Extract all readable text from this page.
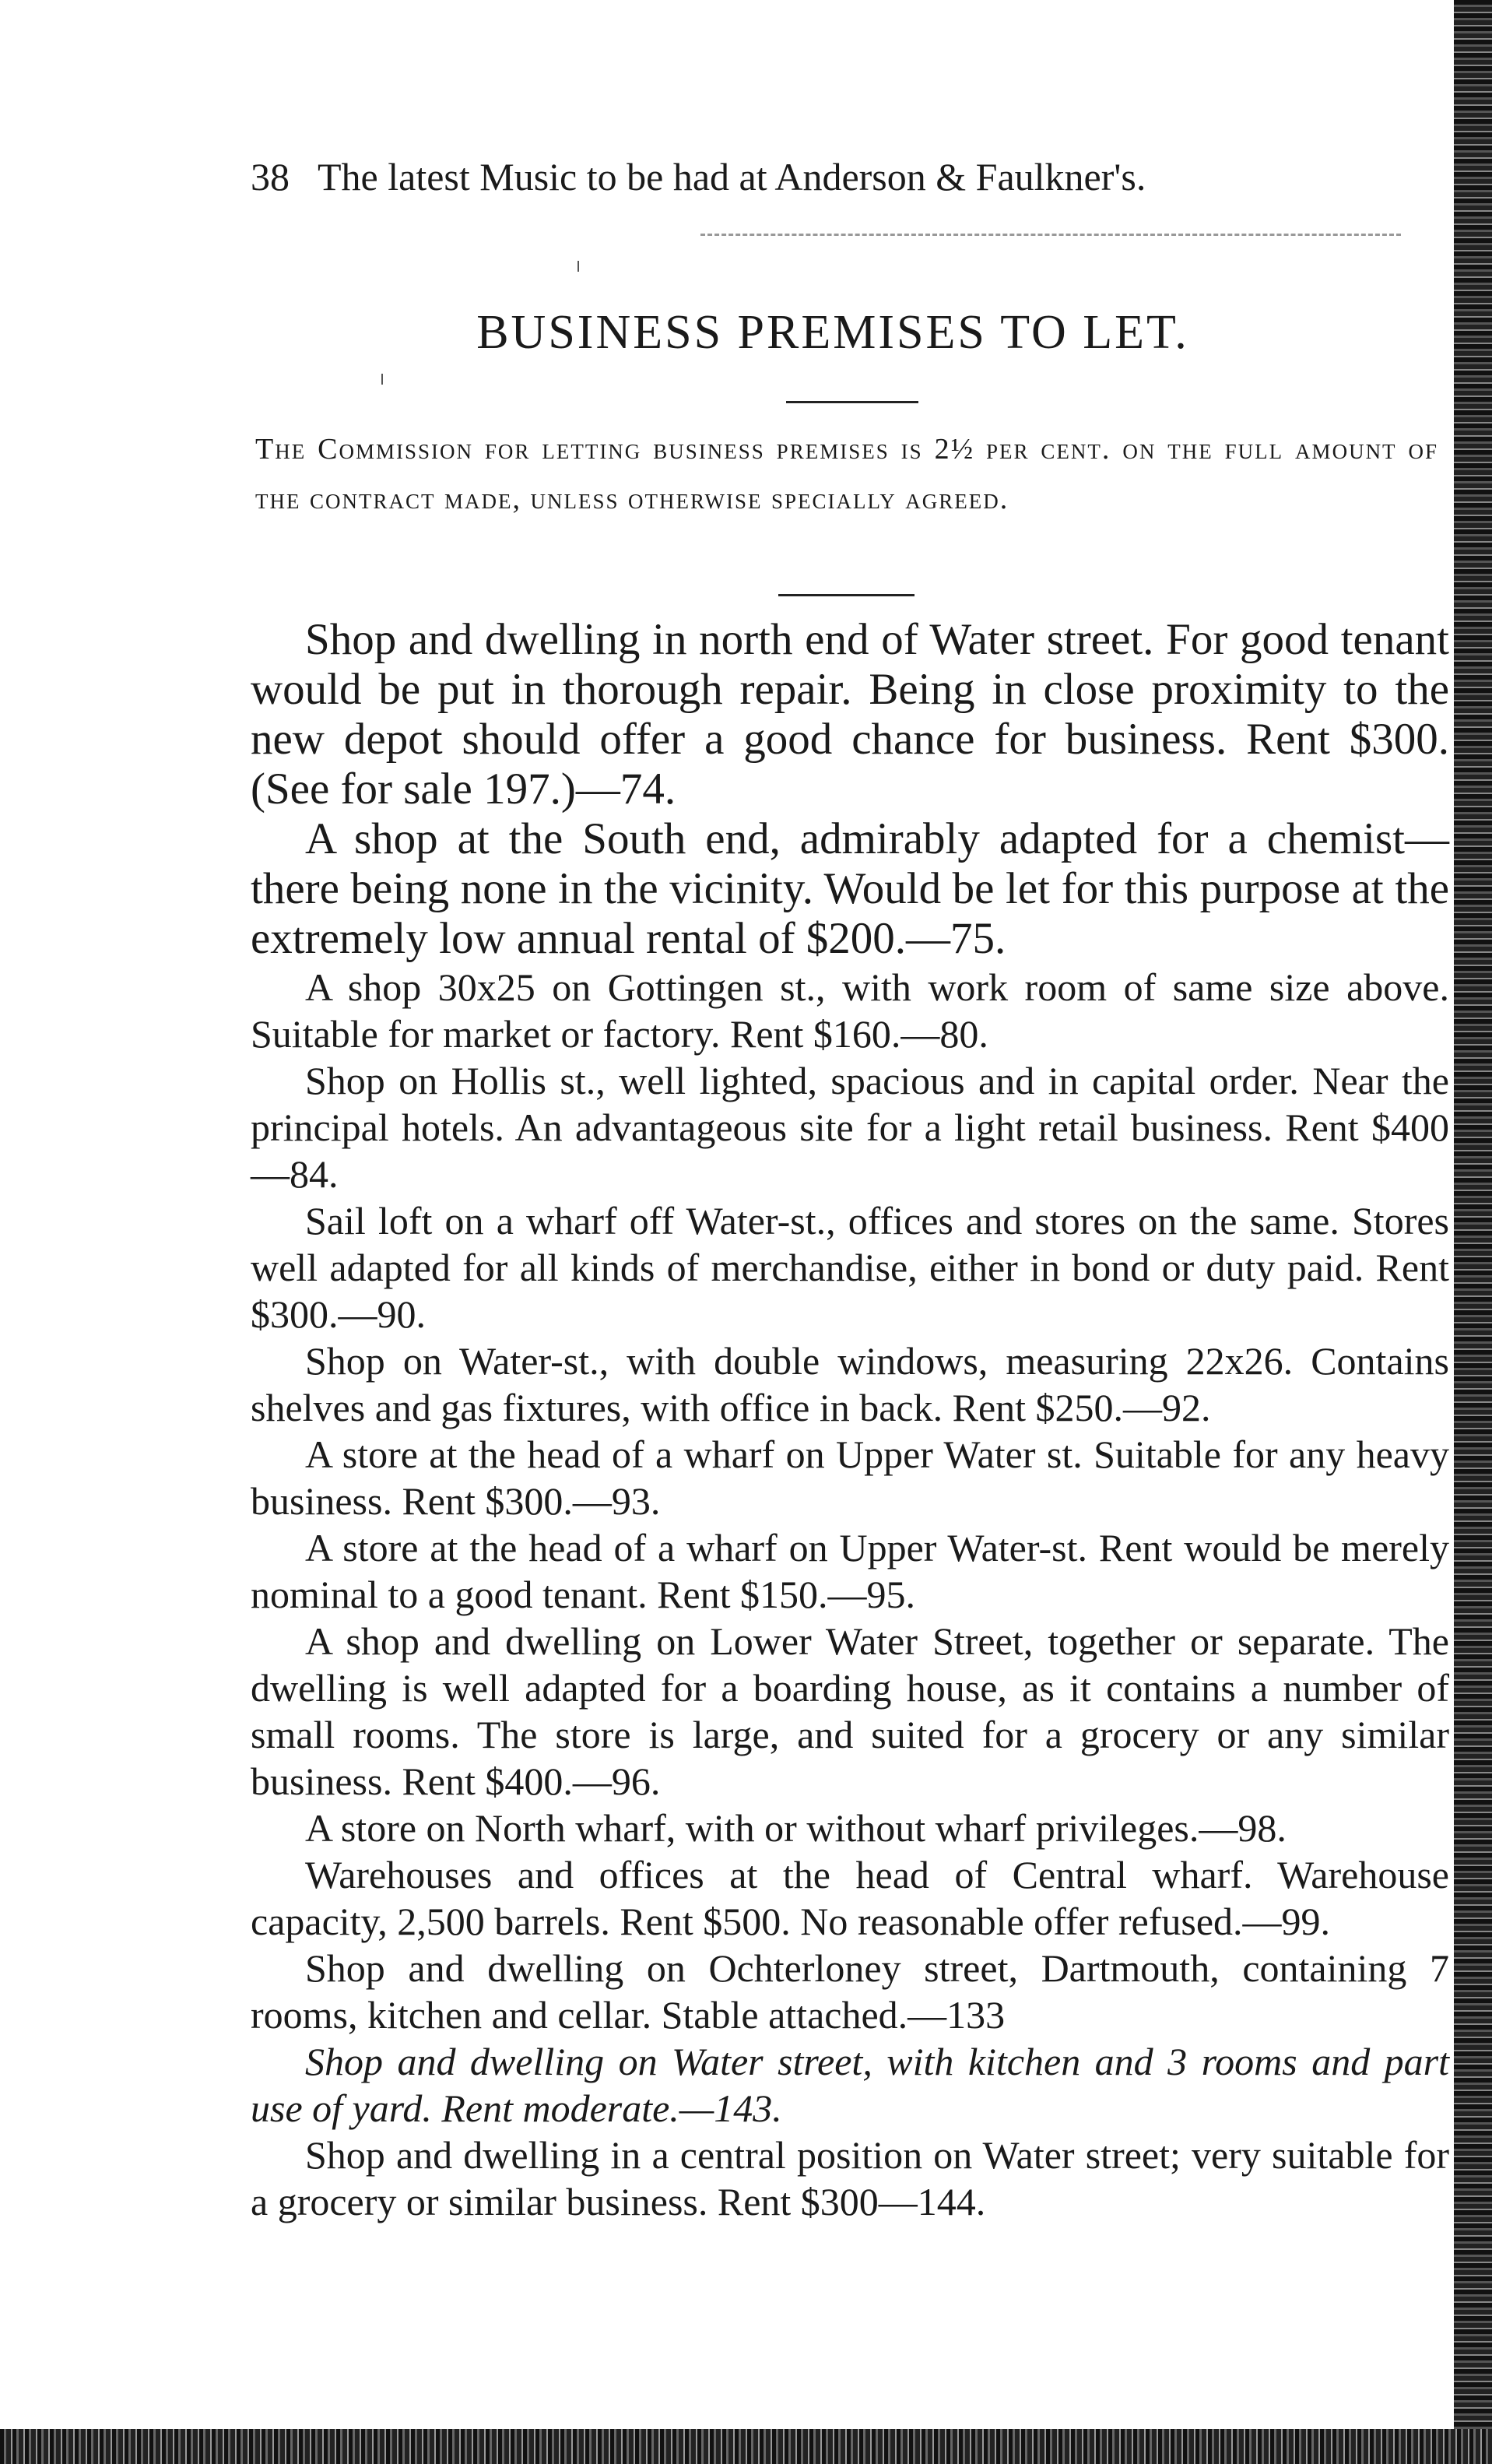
38 The latest Music to be had at Anderson & Faulkner's.
BUSINESS PREMISES TO LET.
The Commission for letting business premises is 2½ per cent. on the full amount of the contract made, unless otherwise specially agreed.

Shop and dwelling in north end of Water street. For good tenant would be put in thorough repair. Being in close proximity to the new depot should offer a good chance for business. Rent $300. (See for sale 197.)—74.

A shop at the South end, admirably adapted for a chemist—there being none in the vicinity. Would be let for this purpose at the extremely low annual rental of $200.—75.

A shop 30x25 on Gottingen st., with work room of same size above. Suitable for market or factory. Rent $160.—80.

Shop on Hollis st., well lighted, spacious and in capital order. Near the principal hotels. An advantageous site for a light retail business. Rent $400 —84.

Sail loft on a wharf off Water-st., offices and stores on the same. Stores well adapted for all kinds of merchandise, either in bond or duty paid. Rent $300.—90.

Shop on Water-st., with double windows, measuring 22x26. Contains shelves and gas fixtures, with office in back. Rent $250.—92.

A store at the head of a wharf on Upper Water st. Suitable for any heavy business. Rent $300.—93.

A store at the head of a wharf on Upper Water-st. Rent would be merely nominal to a good tenant. Rent $150.—95.

A shop and dwelling on Lower Water Street, together or separate. The dwelling is well adapted for a boarding house, as it contains a number of small rooms. The store is large, and suited for a grocery or any similar business. Rent $400.—96.

A store on North wharf, with or without wharf privileges.—98.

Warehouses and offices at the head of Central wharf. Warehouse capacity, 2,500 barrels. Rent $500. No reasonable offer refused.—99.

Shop and dwelling on Ochterloney street, Dartmouth, containing 7 rooms, kitchen and cellar. Stable attached.—133

Shop and dwelling on Water street, with kitchen and 3 rooms and part use of yard. Rent moderate.—143.

Shop and dwelling in a central position on Water street; very suitable for a grocery or similar business. Rent $300—144.
